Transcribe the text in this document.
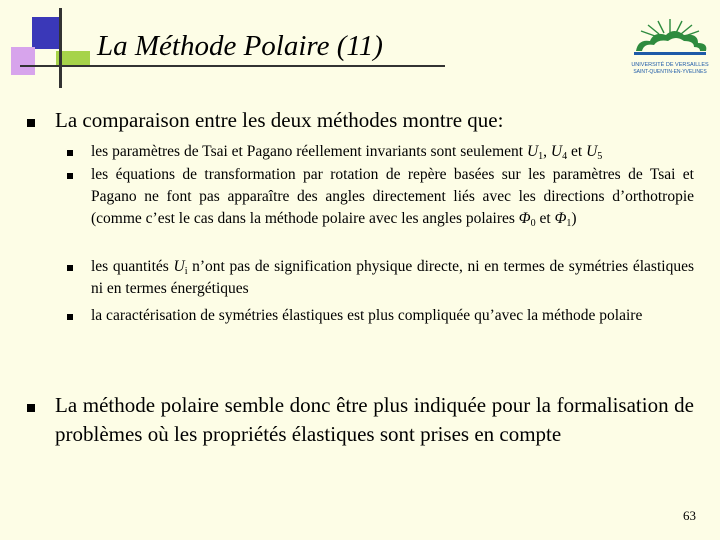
La Méthode Polaire (11)
UNIVERSITÉ DE VERSAILLES
SAINT-QUENTIN-EN-YVELINES
La comparaison entre les deux méthodes montre que:
les paramètres de Tsai et Pagano réellement invariants sont seulement $U_1$, $U_4$ et $U_5$
les équations de transformation par rotation de repère basées sur les paramètres de Tsai et Pagano ne font pas apparaître des angles directement liés avec les directions d’orthotropie (comme c’est le cas dans la méthode polaire avec les angles polaires $\Phi_0$ et $\Phi_1$)
les quantités $U_i$ n’ont pas de signification physique directe, ni en termes de symétries élastiques ni en termes énergétiques
la caractérisation de symétries élastiques est plus compliquée qu’avec la méthode polaire
La méthode polaire semble donc être plus indiquée pour la formalisation de problèmes où les propriétés élastiques sont prises en compte
63
